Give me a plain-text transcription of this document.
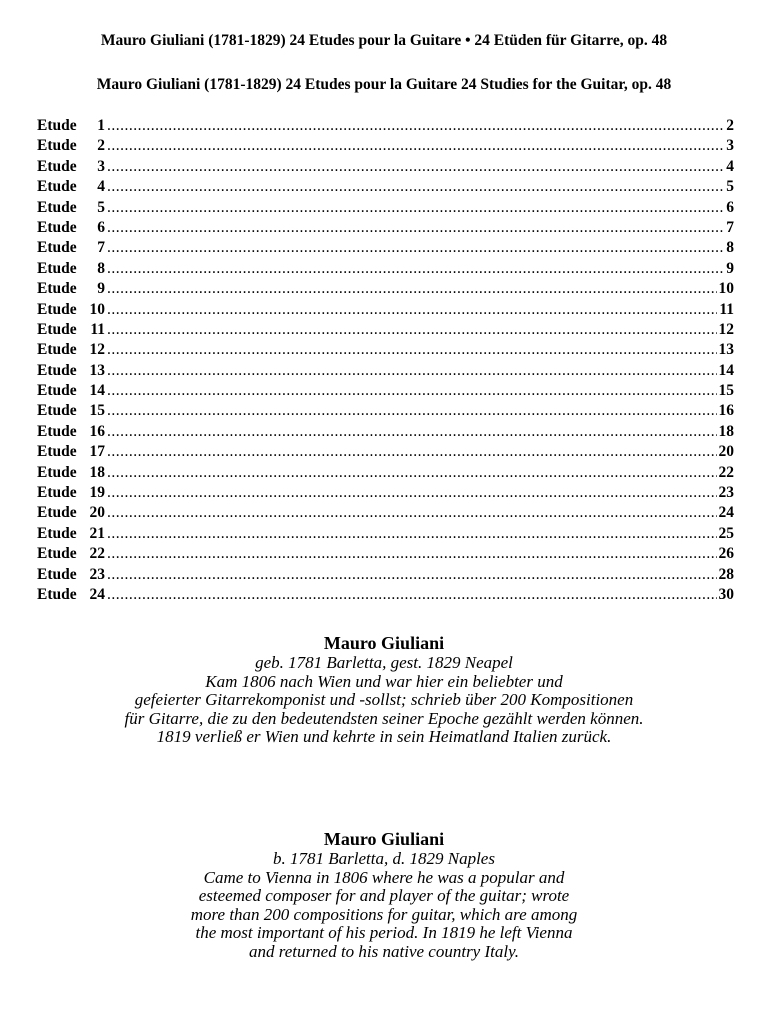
Mauro Giuliani (1781-1829) 24 Etudes pour la Guitare • 24 Etüden für Gitarre, op. 48
Mauro Giuliani (1781-1829) 24 Etudes pour la Guitare 24 Studies for the Guitar, op. 48
Etude	1 .....	2
Etude	2 .....	3
Etude	3 .....	4
Etude	4 .....	5
Etude	5 .....	6
Etude	6 .....	7
Etude	7 .....	8
Etude	8 .....	9
Etude	9 .....	10
Etude 10 .....	11
Etude 11 .....	12
Etude 12 .....	13
Etude 13 .....	14
Etude 14 .....	15
Etude 15 .....	16
Etude 16 .....	18
Etude 17 .....	20
Etude 18 .....	22
Etude 19 .....	23
Etude 20 .....	24
Etude 21 .....	25
Etude 22 .....	26
Etude 23 .....	28
Etude 24 .....	30
Mauro Giuliani
geb. 1781 Barletta, gest. 1829 Neapel
Kam 1806 nach Wien und war hier ein beliebter und
gefeierter Gitarrekomponist und -sollst; schrieb über 200 Kompositionen
für Gitarre, die zu den bedeutendsten seiner Epoche gezählt werden können.
1819 verließ er Wien und kehrte in sein Heimatland Italien zurück.
Mauro Giuliani
b. 1781 Barletta, d. 1829 Naples
Came to Vienna in 1806 where he was a popular and
esteemed composer for and player of the guitar; wrote
more than 200 compositions for guitar, which are among
the most important of his period. In 1819 he left Vienna
and returned to his native country Italy.
